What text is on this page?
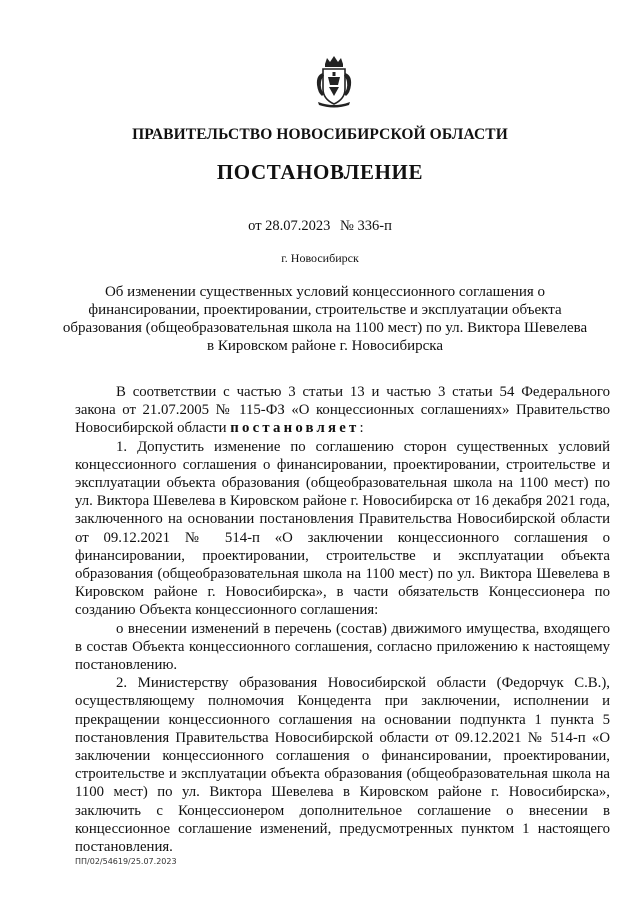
ПРАВИТЕЛЬСТВО НОВОСИБИРСКОЙ ОБЛАСТИ
ПОСТАНОВЛЕНИЕ
от 28.07.2023 № 336-п
г. Новосибирск
Об изменении существенных условий концессионного соглашения о финансировании, проектировании, строительстве и эксплуатации объекта образования (общеобразовательная школа на 1100 мест) по ул. Виктора Шевелева в Кировском районе г. Новосибирска

В соответствии с частью 3 статьи 13 и частью 3 статьи 54 Федерального закона от 21.07.2005 № 115-ФЗ «О концессионных соглашениях» Правительство Новосибирской области постановляет:

1. Допустить изменение по соглашению сторон существенных условий концессионного соглашения о финансировании, проектировании, строительстве и эксплуатации объекта образования (общеобразовательная школа на 1100 мест) по ул. Виктора Шевелева в Кировском районе г. Новосибирска от 16 декабря 2021 года, заключенного на основании постановления Правительства Новосибирской области от 09.12.2021 № 514-п «О заключении концессионного соглашения о финансировании, проектировании, строительстве и эксплуатации объекта образования (общеобразовательная школа на 1100 мест) по ул. Виктора Шевелева в Кировском районе г. Новосибирска», в части обязательств Концессионера по созданию Объекта концессионного соглашения:

о внесении изменений в перечень (состав) движимого имущества, входящего в состав Объекта концессионного соглашения, согласно приложению к настоящему постановлению.

2. Министерству образования Новосибирской области (Федорчук С.В.), осуществляющему полномочия Концедента при заключении, исполнении и прекращении концессионного соглашения на основании подпункта 1 пункта 5 постановления Правительства Новосибирской области от 09.12.2021 № 514-п «О заключении концессионного соглашения о финансировании, проектировании, строительстве и эксплуатации объекта образования (общеобразовательная школа на 1100 мест) по ул. Виктора Шевелева в Кировском районе г. Новосибирска», заключить с Концессионером дополнительное соглашение о внесении в концессионное соглашение изменений, предусмотренных пунктом 1 настоящего постановления.

ПП/02/54619/25.07.2023
